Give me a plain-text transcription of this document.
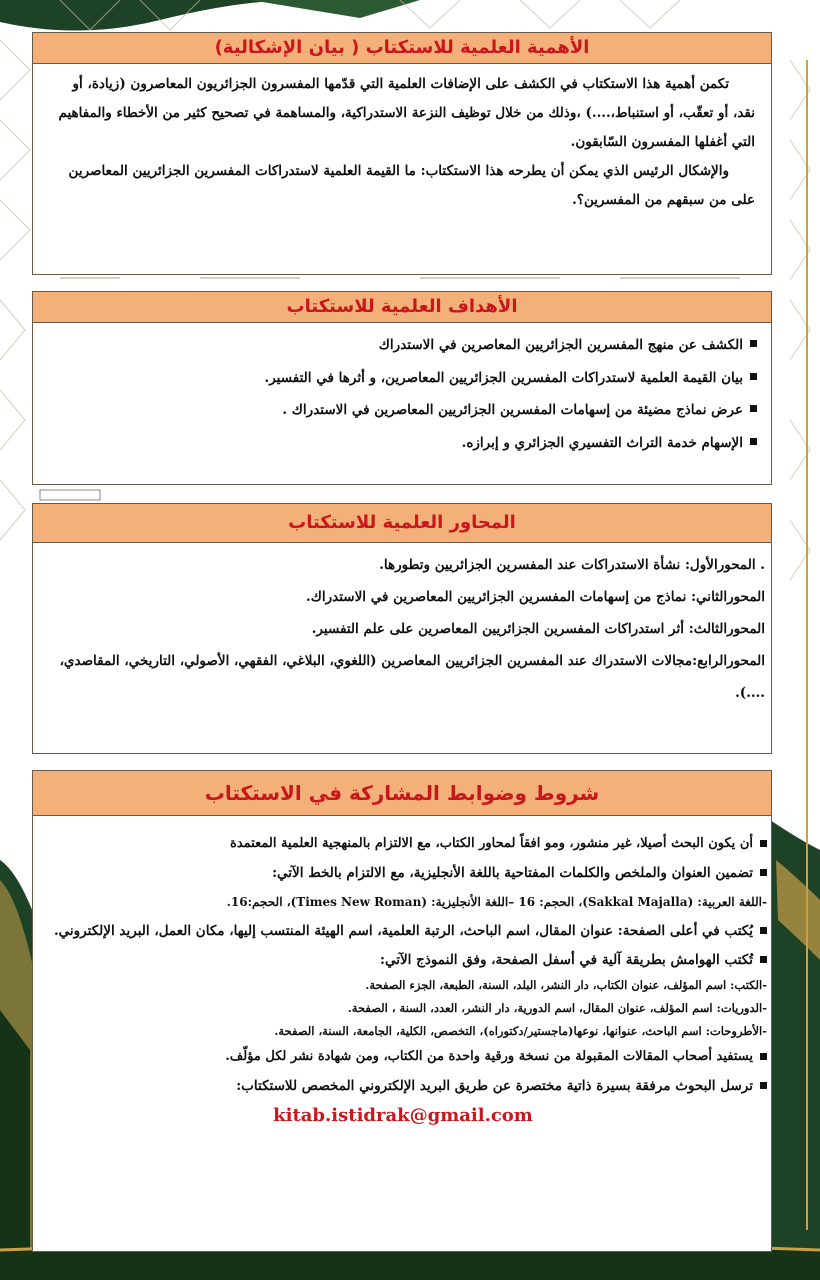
الأهمية العلمية للاستكتاب ( بيان الإشكالية)

تكمن أهمية هذا الاستكتاب في الكشف على الإضافات العلمية التي قدّمها المفسرون الجزائريون المعاصرون (زيادة، أو نقد، أو تعقّب، أو استنباط،....) ،وذلك من خلال توظيف النزعة الاستدراكية، والمساهمة في تصحيح كثير من الأخطاء والمفاهيم التي أغفلها المفسرون السّابقون.

والإشكال الرئيس الذي يمكن أن يطرحه هذا الاستكتاب: ما القيمة العلمية لاستدراكات المفسرين الجزائريين المعاصرين على من سبقهم من المفسرين؟.

الأهداف العلمية للاستكتاب
الكشف عن منهج المفسرين الجزائريين المعاصرين في الاستدراك
بيان القيمة العلمية لاستدراكات المفسرين الجزائريين المعاصرين، و أثرها في التفسير.
عرض نماذج مضيئة من إسهامات المفسرين الجزائريين المعاصرين في الاستدراك .
الإسهام خدمة التراث التفسيري الجزائري و إبرازه.
المحاور العلمية للاستكتاب
. المحورالأول: نشأة الاستدراكات عند المفسرين الجزائريين وتطورها.
المحورالثاني: نماذج من إسهامات المفسرين الجزائريين المعاصرين في الاستدراك.
المحورالثالث: أثر استدراكات المفسرين الجزائريين المعاصرين على علم التفسير.
المحورالرابع:مجالات الاستدراك عند المفسرين الجزائريين المعاصرين (اللغوي، البلاغي، الفقهي، الأصولي، التاريخي، المقاصدي، ....).
شروط وضوابط المشاركة في الاستكتاب
أن يكون البحث أصيلا، غير منشور، ومو افقاً لمحاور الكتاب، مع الالتزام بالمنهجية العلمية المعتمدة
تضمين العنوان والملخص والكلمات المفتاحية باللغة الأنجليزية، مع الالتزام بالخط الآتي:
-اللغة العربية: (Sakkal Majalla)، الحجم: 16 –اللغة الأنجليزية: (Times New Roman)، الحجم:16.
يُكتب في أعلى الصفحة: عنوان المقال، اسم الباحث، الرتبة العلمية، اسم الهيئة المنتسب إليها، مكان العمل، البريد الإلكتروني.
تُكتب الهوامش بطريقة آلية في أسفل الصفحة، وفق النموذج الآتي:
-الكتب: اسم المؤلف، عنوان الكتاب، دار النشر، البلد، السنة، الطبعة، الجزء الصفحة.
-الدوريات: اسم المؤلف، عنوان المقال، اسم الدورية، دار النشر، العدد، السنة ، الصفحة.
-الأطروحات: اسم الباحث، عنوانها، نوعها(ماجستير/دكتوراه)، التخصص، الكلية، الجامعة، السنة، الصفحة.
يستفيد أصحاب المقالات المقبولة من نسخة ورقية واحدة من الكتاب، ومن شهادة نشر لكل مؤلّف.
ترسل البحوث مرفقة بسيرة ذاتية مختصرة عن طريق البريد الإلكتروني المخصص للاستكتاب:
kitab.istidrak@gmail.com
